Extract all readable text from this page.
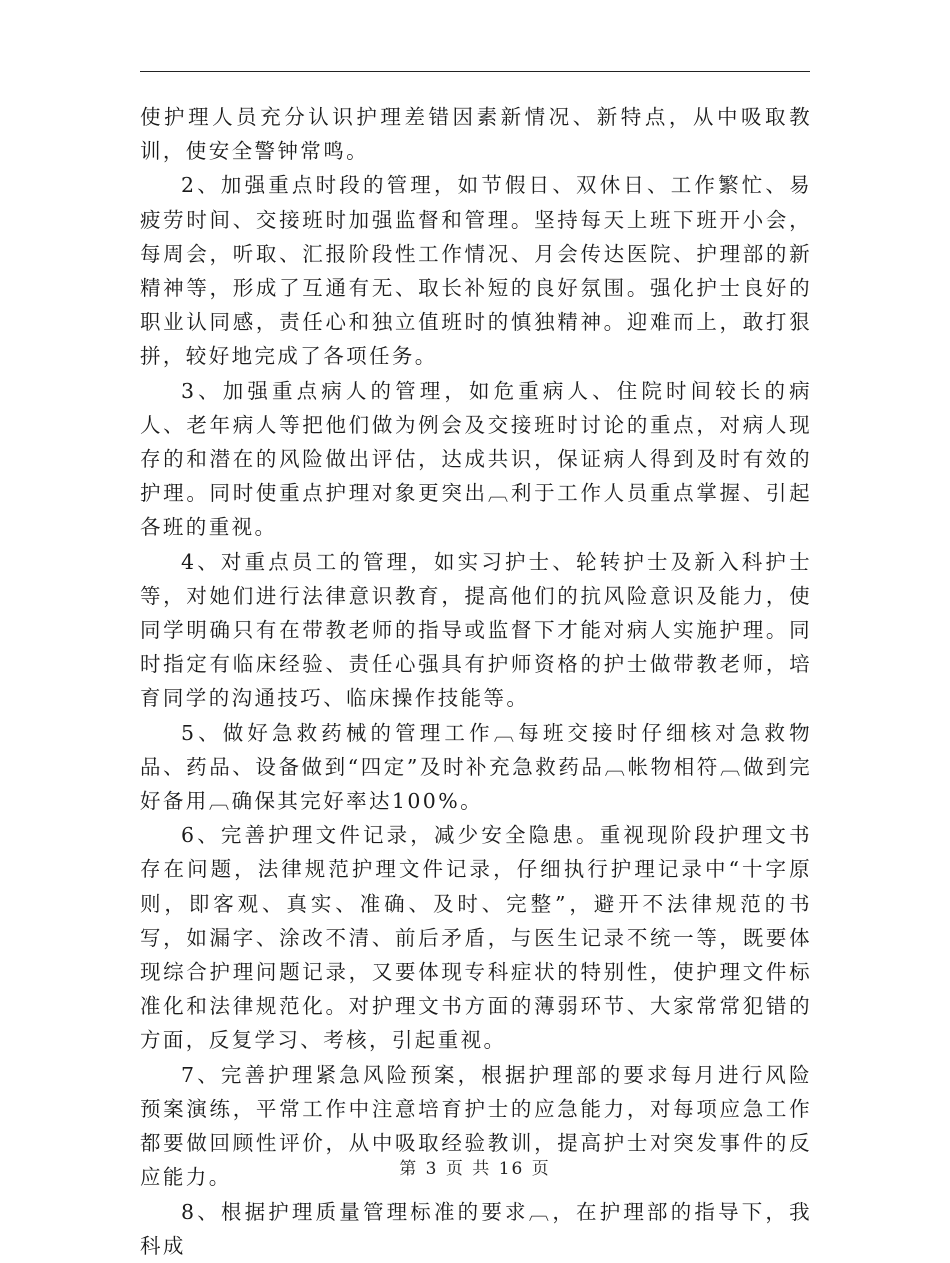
使护理人员充分认识护理差错因素新情况、新特点，从中吸取教训，使安全警钟常鸣。

2、加强重点时段的管理，如节假日、双休日、工作繁忙、易疲劳时间、交接班时加强监督和管理。坚持每天上班下班开小会，每周会，听取、汇报阶段性工作情况、月会传达医院、护理部的新精神等，形成了互通有无、取长补短的良好氛围。强化护士良好的职业认同感，责任心和独立值班时的慎独精神。迎难而上，敢打狠拼，较好地完成了各项任务。

3、加强重点病人的管理，如危重病人、住院时间较长的病人、老年病人等把他们做为例会及交接班时讨论的重点，对病人现存的和潜在的风险做出评估，达成共识，保证病人得到及时有效的护理。同时使重点护理对象更突出︹利于工作人员重点掌握、引起各班的重视。

4、对重点员工的管理，如实习护士、轮转护士及新入科护士等，对她们进行法律意识教育，提高他们的抗风险意识及能力，使同学明确只有在带教老师的指导或监督下才能对病人实施护理。同时指定有临床经验、责任心强具有护师资格的护士做带教老师，培育同学的沟通技巧、临床操作技能等。

5、做好急救药械的管理工作︹每班交接时仔细核对急救物品、药品、设备做到“四定”及时补充急救药品︹帐物相符︹做到完好备用︹确保其完好率达100%。

6、完善护理文件记录，减少安全隐患。重视现阶段护理文书存在问题，法律规范护理文件记录，仔细执行护理记录中“十字原则，即客观、真实、准确、及时、完整”，避开不法律规范的书写，如漏字、涂改不清、前后矛盾，与医生记录不统一等，既要体现综合护理问题记录，又要体现专科症状的特别性，使护理文件标准化和法律规范化。对护理文书方面的薄弱环节、大家常常犯错的方面，反复学习、考核，引起重视。

7、完善护理紧急风险预案，根据护理部的要求每月进行风险预案演练，平常工作中注意培育护士的应急能力，对每项应急工作都要做回顾性评价，从中吸取经验教训，提高护士对突发事件的反应能力。

8、根据护理质量管理标准的要求︹，在护理部的指导下，我科成

第 3 页 共 16 页
